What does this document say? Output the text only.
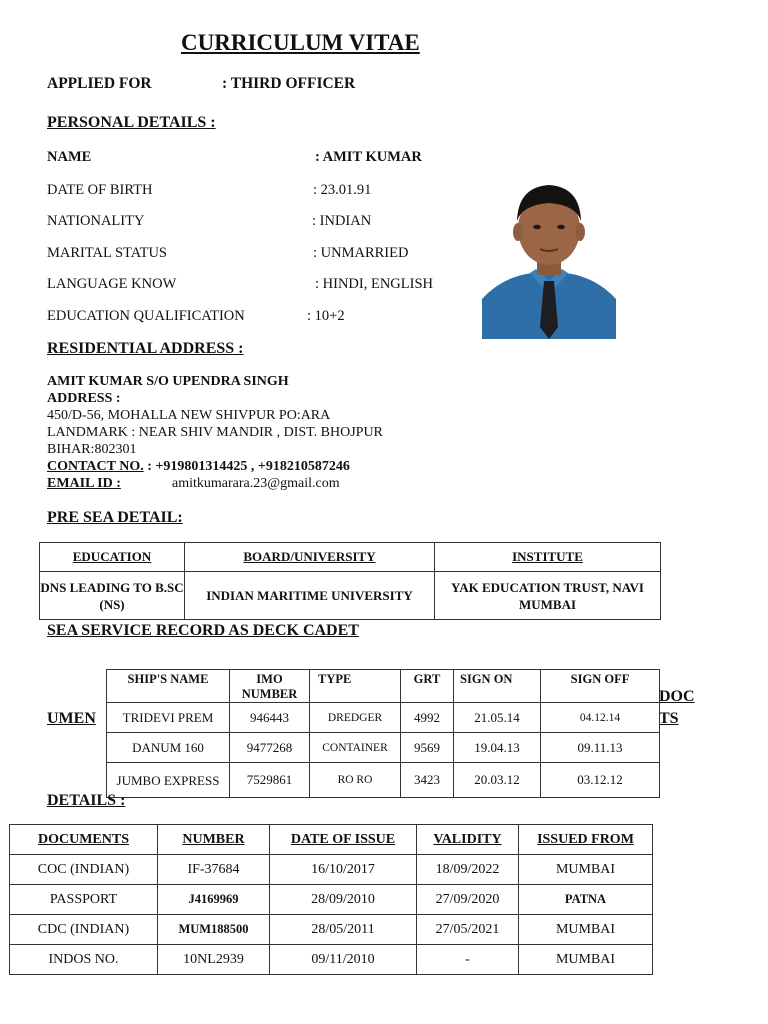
CURRICULUM VITAE
APPLIED FOR	: THIRD OFFICER
PERSONAL DETAILS :
NAME	: AMIT KUMAR
DATE OF BIRTH	: 23.01.91
NATIONALITY	: INDIAN
MARITAL STATUS	: UNMARRIED
LANGUAGE KNOW	: HINDI, ENGLISH
EDUCATION QUALIFICATION	: 10+2
RESIDENTIAL ADDRESS :
AMIT KUMAR S/O UPENDRA SINGH
ADDRESS :
450/D-56, MOHALLA NEW SHIVPUR PO:ARA
LANDMARK : NEAR SHIV MANDIR , DIST. BHOJPUR
BIHAR:802301
CONTACT NO. : +919801314425 , +918210587246
EMAIL ID :	amitkumarara.23@gmail.com
PRE SEA DETAIL:
EDUCATION	BOARD/UNIVERSITY	INSTITUTE
DNS LEADING TO B.SC (NS)	INDIAN MARITIME UNIVERSITY	YAK EDUCATION TRUST, NAVI MUMBAI
SEA SERVICE RECORD AS DECK CADET
UMEN
DOC
TS
SHIP'S NAME	IMO NUMBER	TYPE	GRT	SIGN ON	SIGN OFF
TRIDEVI PREM	946443	DREDGER	4992	21.05.14	04.12.14
DANUM 160	9477268	CONTAINER	9569	19.04.13	09.11.13
JUMBO EXPRESS	7529861	RO RO	3423	20.03.12	03.12.12
DETAILS :
DOCUMENTS	NUMBER	DATE OF ISSUE	VALIDITY	ISSUED FROM
COC (INDIAN)	IF-37684	16/10/2017	18/09/2022	MUMBAI
PASSPORT	J4169969	28/09/2010	27/09/2020	PATNA
CDC (INDIAN)	MUM188500	28/05/2011	27/05/2021	MUMBAI
INDOS NO.	10NL2939	09/11/2010	-	MUMBAI
